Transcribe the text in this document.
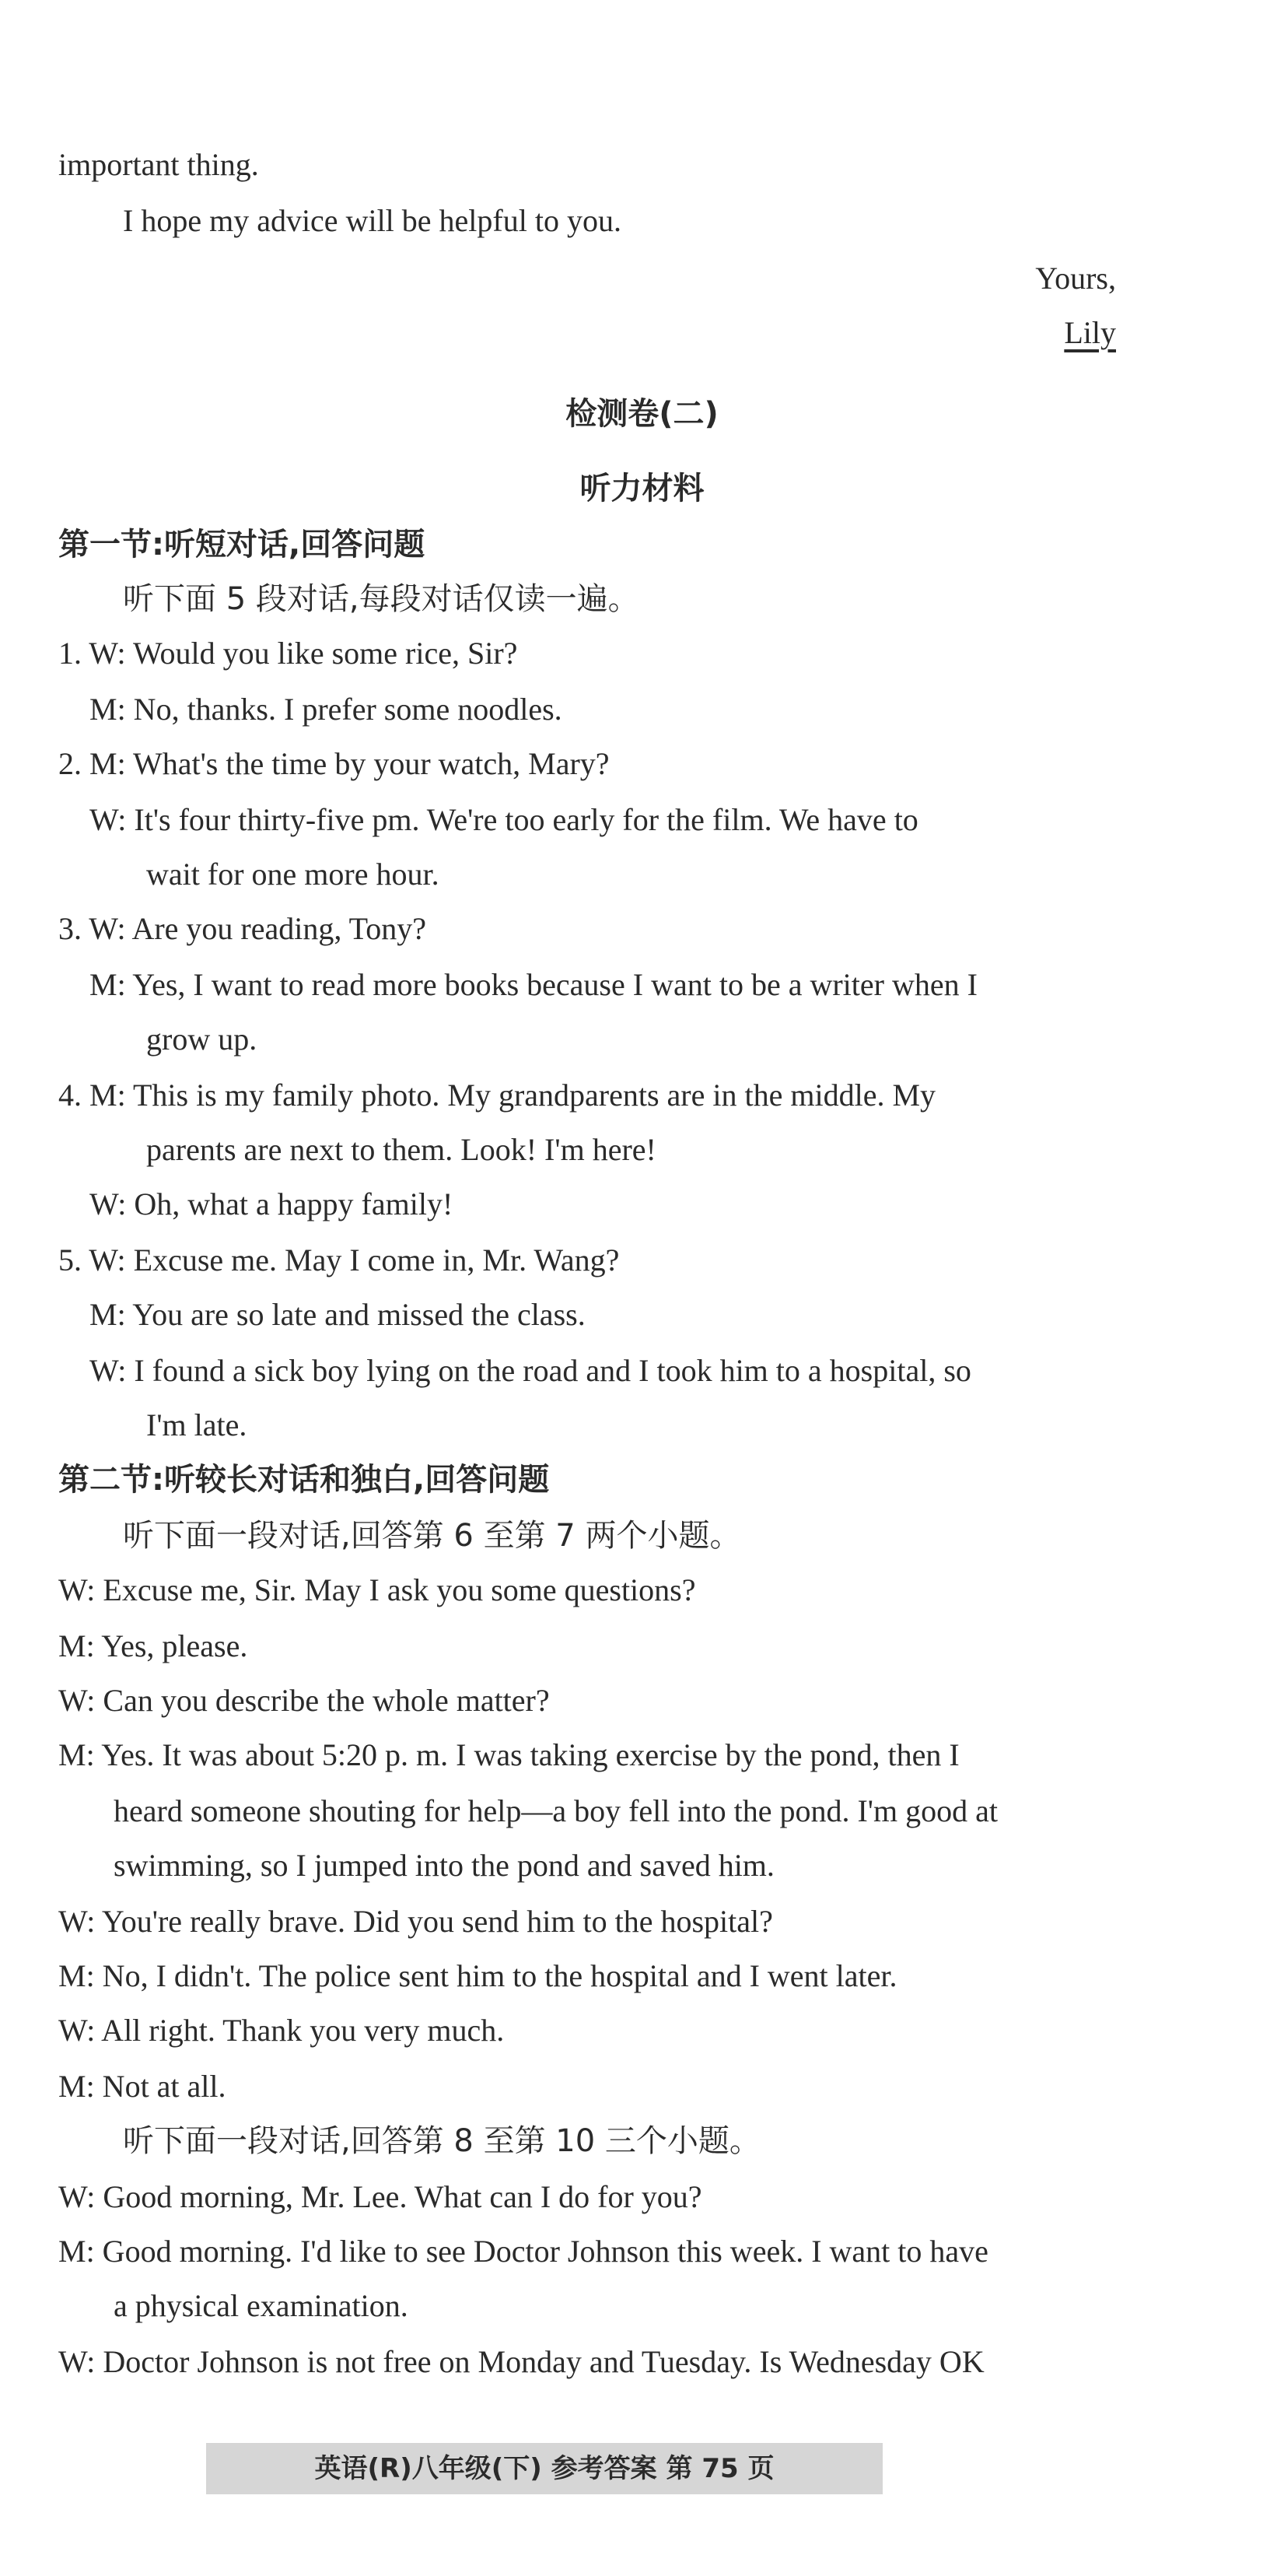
important thing.
I hope my advice will be helpful to you.
Yours,
Lily
检测卷(二)
听力材料
第一节:听短对话,回答问题
听下面 5 段对话,每段对话仅读一遍。
1. W: Would you like some rice, Sir?
M: No, thanks. I prefer some noodles.
2. M: What's the time by your watch, Mary?
W: It's four thirty-five pm. We're too early for the film. We have to
wait for one more hour.
3. W: Are you reading, Tony?
M: Yes, I want to read more books because I want to be a writer when I
grow up.
4. M: This is my family photo. My grandparents are in the middle. My
parents are next to them. Look! I'm here!
W: Oh, what a happy family!
5. W: Excuse me. May I come in, Mr. Wang?
M: You are so late and missed the class.
W: I found a sick boy lying on the road and I took him to a hospital, so
I'm late.
第二节:听较长对话和独白,回答问题
听下面一段对话,回答第 6 至第 7 两个小题。
W: Excuse me, Sir. May I ask you some questions?
M: Yes, please.
W: Can you describe the whole matter?
M: Yes. It was about 5:20 p. m. I was taking exercise by the pond, then I
heard someone shouting for help—a boy fell into the pond. I'm good at
swimming, so I jumped into the pond and saved him.
W: You're really brave. Did you send him to the hospital?
M: No, I didn't. The police sent him to the hospital and I went later.
W: All right. Thank you very much.
M: Not at all.
听下面一段对话,回答第 8 至第 10 三个小题。
W: Good morning, Mr. Lee. What can I do for you?
M: Good morning. I'd like to see Doctor Johnson this week. I want to have
a physical examination.
W: Doctor Johnson is not free on Monday and Tuesday. Is Wednesday OK
英语(R)八年级(下) 参考答案 第 75 页
